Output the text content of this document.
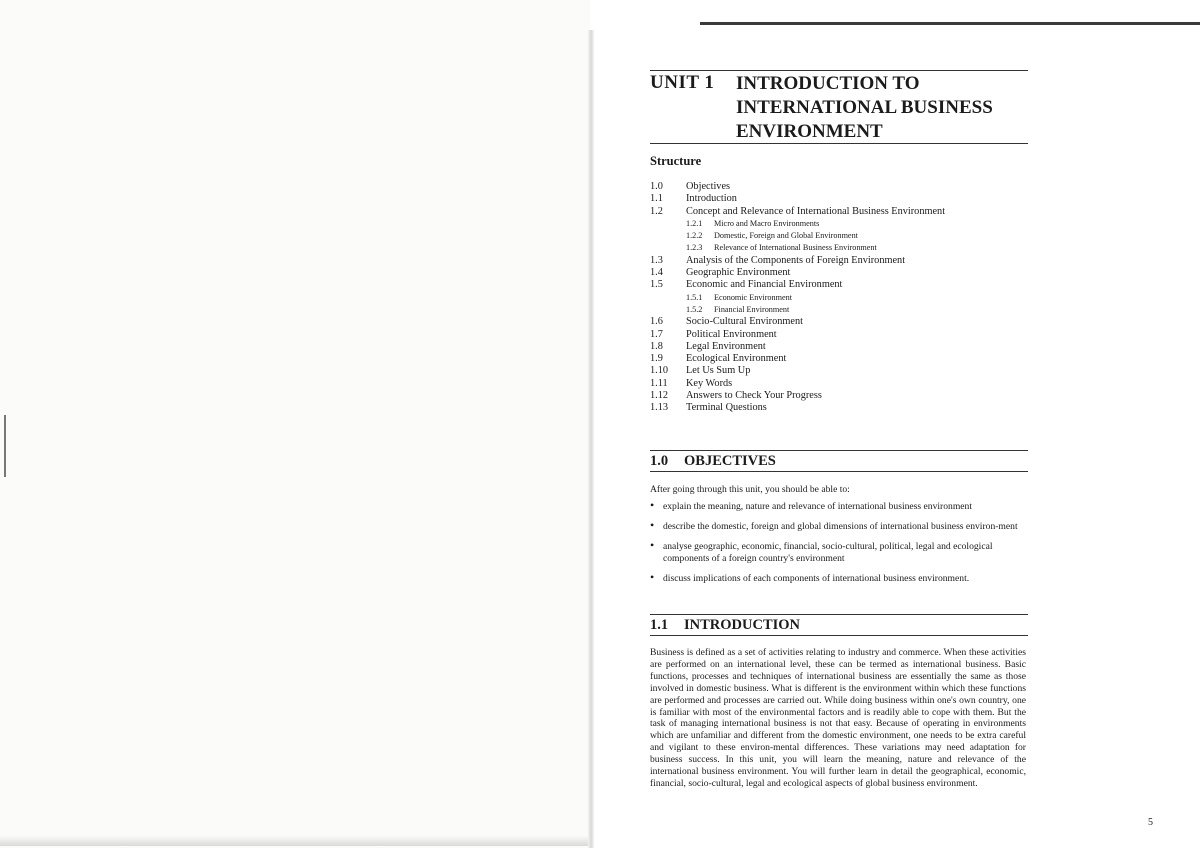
UNIT 1 INTRODUCTION TO
INTERNATIONAL BUSINESS
ENVIRONMENT
Structure
1.0 Objectives
1.1 Introduction
1.2 Concept and Relevance of International Business Environment
1.2.1 Micro and Macro Environments
1.2.2 Domestic, Foreign and Global Environment
1.2.3 Relevance of International Business Environment
1.3 Analysis of the Components of Foreign Environment
1.4 Geographic Environment
1.5 Economic and Financial Environment
1.5.1 Economic Environment
1.5.2 Financial Environment
1.6 Socio-Cultural Environment
1.7 Political Environment
1.8 Legal Environment
1.9 Ecological Environment
1.10 Let Us Sum Up
1.11 Key Words
1.12 Answers to Check Your Progress
1.13 Terminal Questions
1.0 OBJECTIVES
After going through this unit, you should be able to:
• explain the meaning, nature and relevance of international business environment
• describe the domestic, foreign and global dimensions of international business environ-ment
• analyse geographic, economic, financial, socio-cultural, political, legal and ecological components of a foreign country's environment
• discuss implications of each components of international business environment.
1.1 INTRODUCTION
Business is defined as a set of activities relating to industry and commerce. When these activities are performed on an international level, these can be termed as international business. Basic functions, processes and techniques of international business are essentially the same as those involved in domestic business. What is different is the environment within which these functions are performed and processes are carried out. While doing business within one's own country, one is familiar with most of the environmental factors and is readily able to cope with them. But the task of managing international business is not that easy. Because of operating in environments which are unfamiliar and different from the domestic environment, one needs to be extra careful and vigilant to these environ-mental differences. These variations may need adaptation for business success. In this unit, you will learn the meaning, nature and relevance of the international business environment. You will further learn in detail the geographical, economic, financial, socio-cultural, legal and ecological aspects of global business environment.
5
